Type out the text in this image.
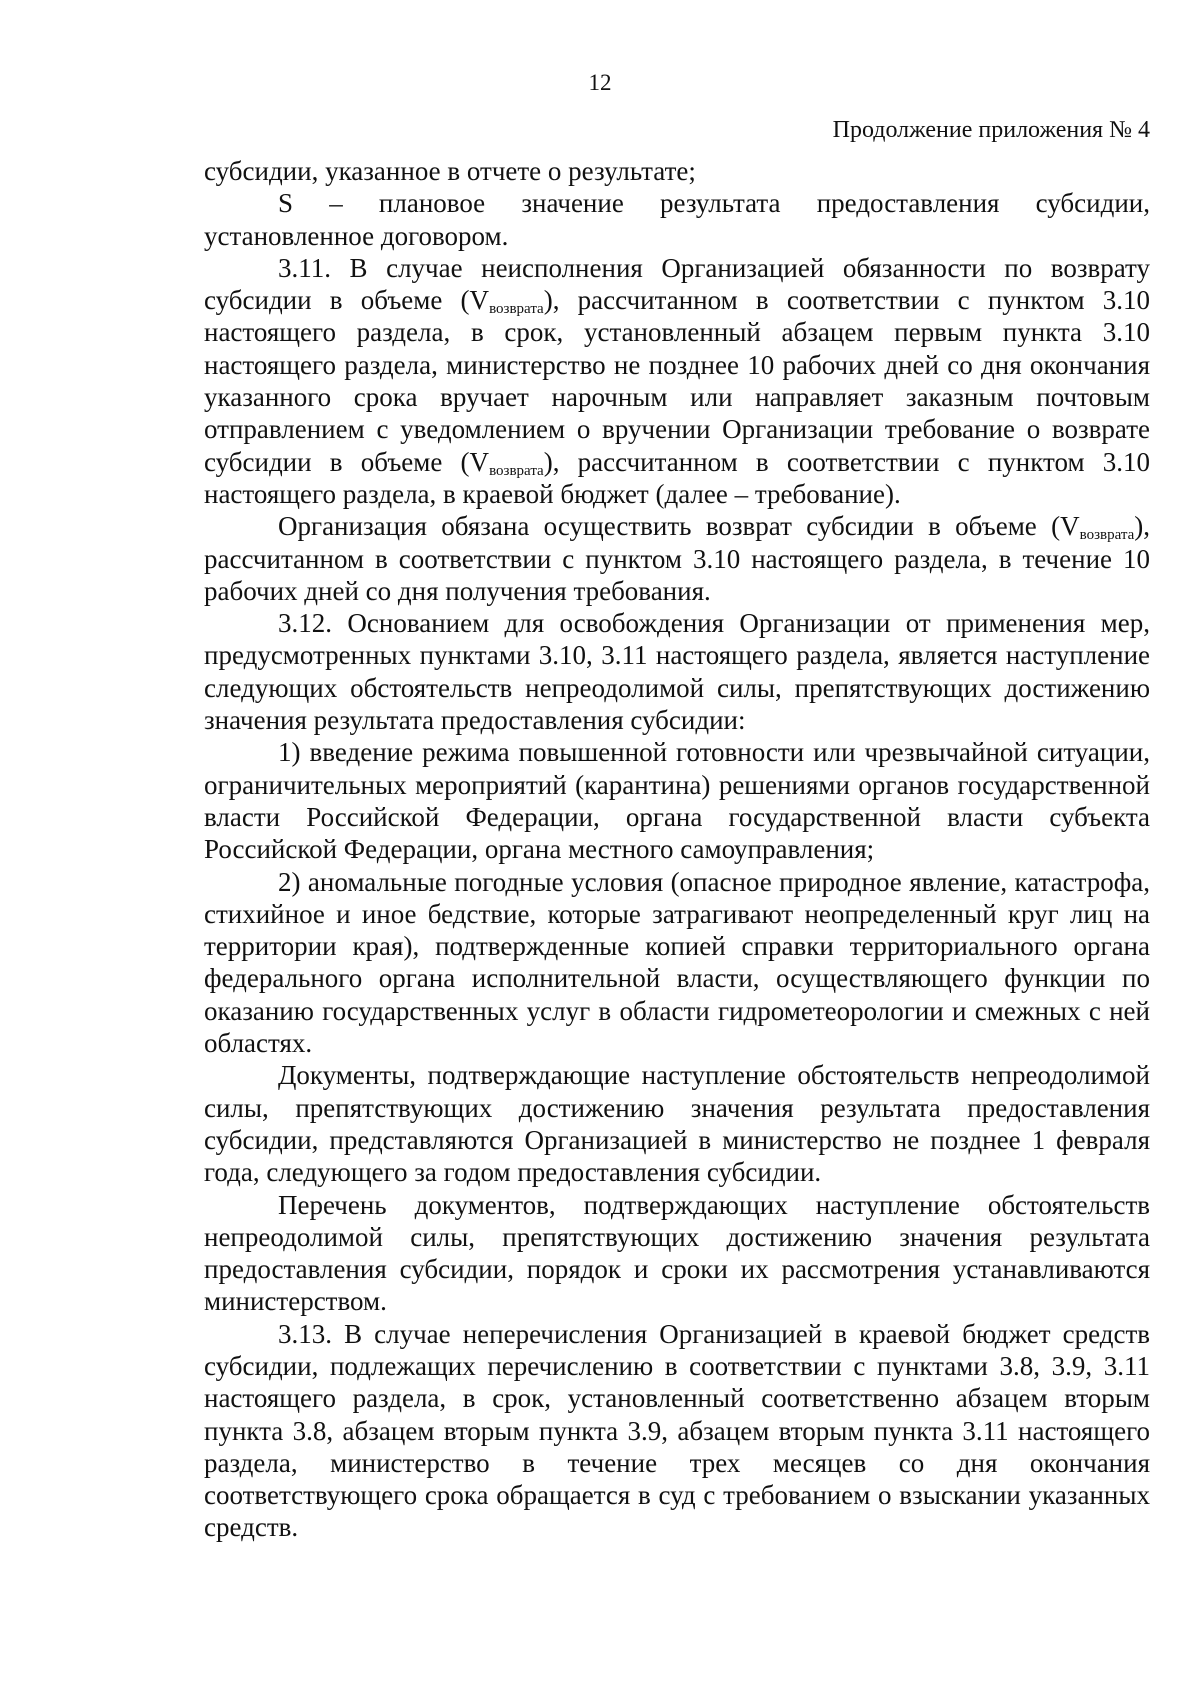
12
Продолжение приложения № 4

субсидии, указанное в отчете о результате;

S – плановое значение результата предоставления субсидии, установленное договором.

3.11. В случае неисполнения Организацией обязанности по возврату субсидии в объеме $(V_{возврата})$, рассчитанном в соответствии с пунктом 3.10 настоящего раздела, в срок, установленный абзацем первым пункта 3.10 настоящего раздела, министерство не позднее 10 рабочих дней со дня окончания указанного срока вручает нарочным или направляет заказным почтовым отправлением с уведомлением о вручении Организации требование о возврате субсидии в объеме $(V_{возврата})$, рассчитанном в соответствии с пунктом 3.10 настоящего раздела, в краевой бюджет (далее – требование).

Организация обязана осуществить возврат субсидии в объеме $(V_{возврата})$, рассчитанном в соответствии с пунктом 3.10 настоящего раздела, в течение 10 рабочих дней со дня получения требования.

3.12. Основанием для освобождения Организации от применения мер, предусмотренных пунктами 3.10, 3.11 настоящего раздела, является наступление следующих обстоятельств непреодолимой силы, препятствующих достижению значения результата предоставления субсидии:

1) введение режима повышенной готовности или чрезвычайной ситуации, ограничительных мероприятий (карантина) решениями органов государственной власти Российской Федерации, органа государственной власти субъекта Российской Федерации, органа местного самоуправления;

2) аномальные погодные условия (опасное природное явление, катастрофа, стихийное и иное бедствие, которые затрагивают неопределенный круг лиц на территории края), подтвержденные копией справки территориального органа федерального органа исполнительной власти, осуществляющего функции по оказанию государственных услуг в области гидрометеорологии и смежных с ней областях.

Документы, подтверждающие наступление обстоятельств непреодолимой силы, препятствующих достижению значения результата предоставления субсидии, представляются Организацией в министерство не позднее 1 февраля года, следующего за годом предоставления субсидии.

Перечень документов, подтверждающих наступление обстоятельств непреодолимой силы, препятствующих достижению значения результата предоставления субсидии, порядок и сроки их рассмотрения устанавливаются министерством.

3.13. В случае неперечисления Организацией в краевой бюджет средств субсидии, подлежащих перечислению в соответствии с пунктами 3.8, 3.9, 3.11 настоящего раздела, в срок, установленный соответственно абзацем вторым пункта 3.8, абзацем вторым пункта 3.9, абзацем вторым пункта 3.11 настоящего раздела, министерство в течение трех месяцев со дня окончания соответствующего срока обращается в суд с требованием о взыскании указанных средств.
